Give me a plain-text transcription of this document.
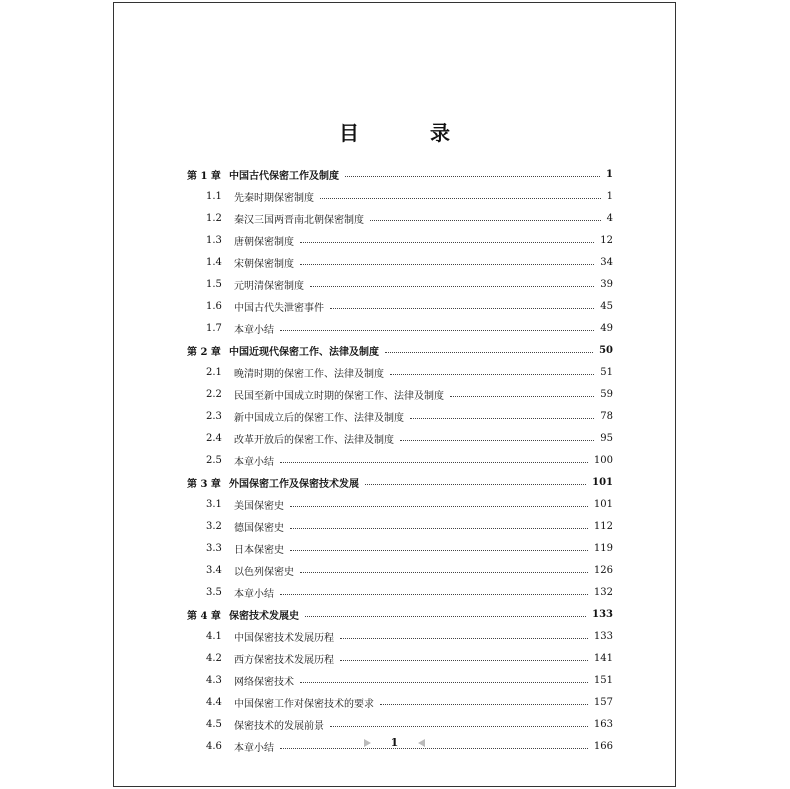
目 录
第 1 章 中国古代保密工作及制度	1
1.1	先秦时期保密制度	1
1.2	秦汉三国两晋南北朝保密制度	4
1.3	唐朝保密制度	12
1.4	宋朝保密制度	34
1.5	元明清保密制度	39
1.6	中国古代失泄密事件	45
1.7	本章小结	49
第 2 章 中国近现代保密工作、法律及制度	50
2.1	晚清时期的保密工作、法律及制度	51
2.2	民国至新中国成立时期的保密工作、法律及制度	59
2.3	新中国成立后的保密工作、法律及制度	78
2.4	改革开放后的保密工作、法律及制度	95
2.5	本章小结	100
第 3 章 外国保密工作及保密技术发展	101
3.1	美国保密史	101
3.2	德国保密史	112
3.3	日本保密史	119
3.4	以色列保密史	126
3.5	本章小结	132
第 4 章 保密技术发展史	133
4.1	中国保密技术发展历程	133
4.2	西方保密技术发展历程	141
4.3	网络保密技术	151
4.4	中国保密工作对保密技术的要求	157
4.5	保密技术的发展前景	163
4.6	本章小结	166
1
